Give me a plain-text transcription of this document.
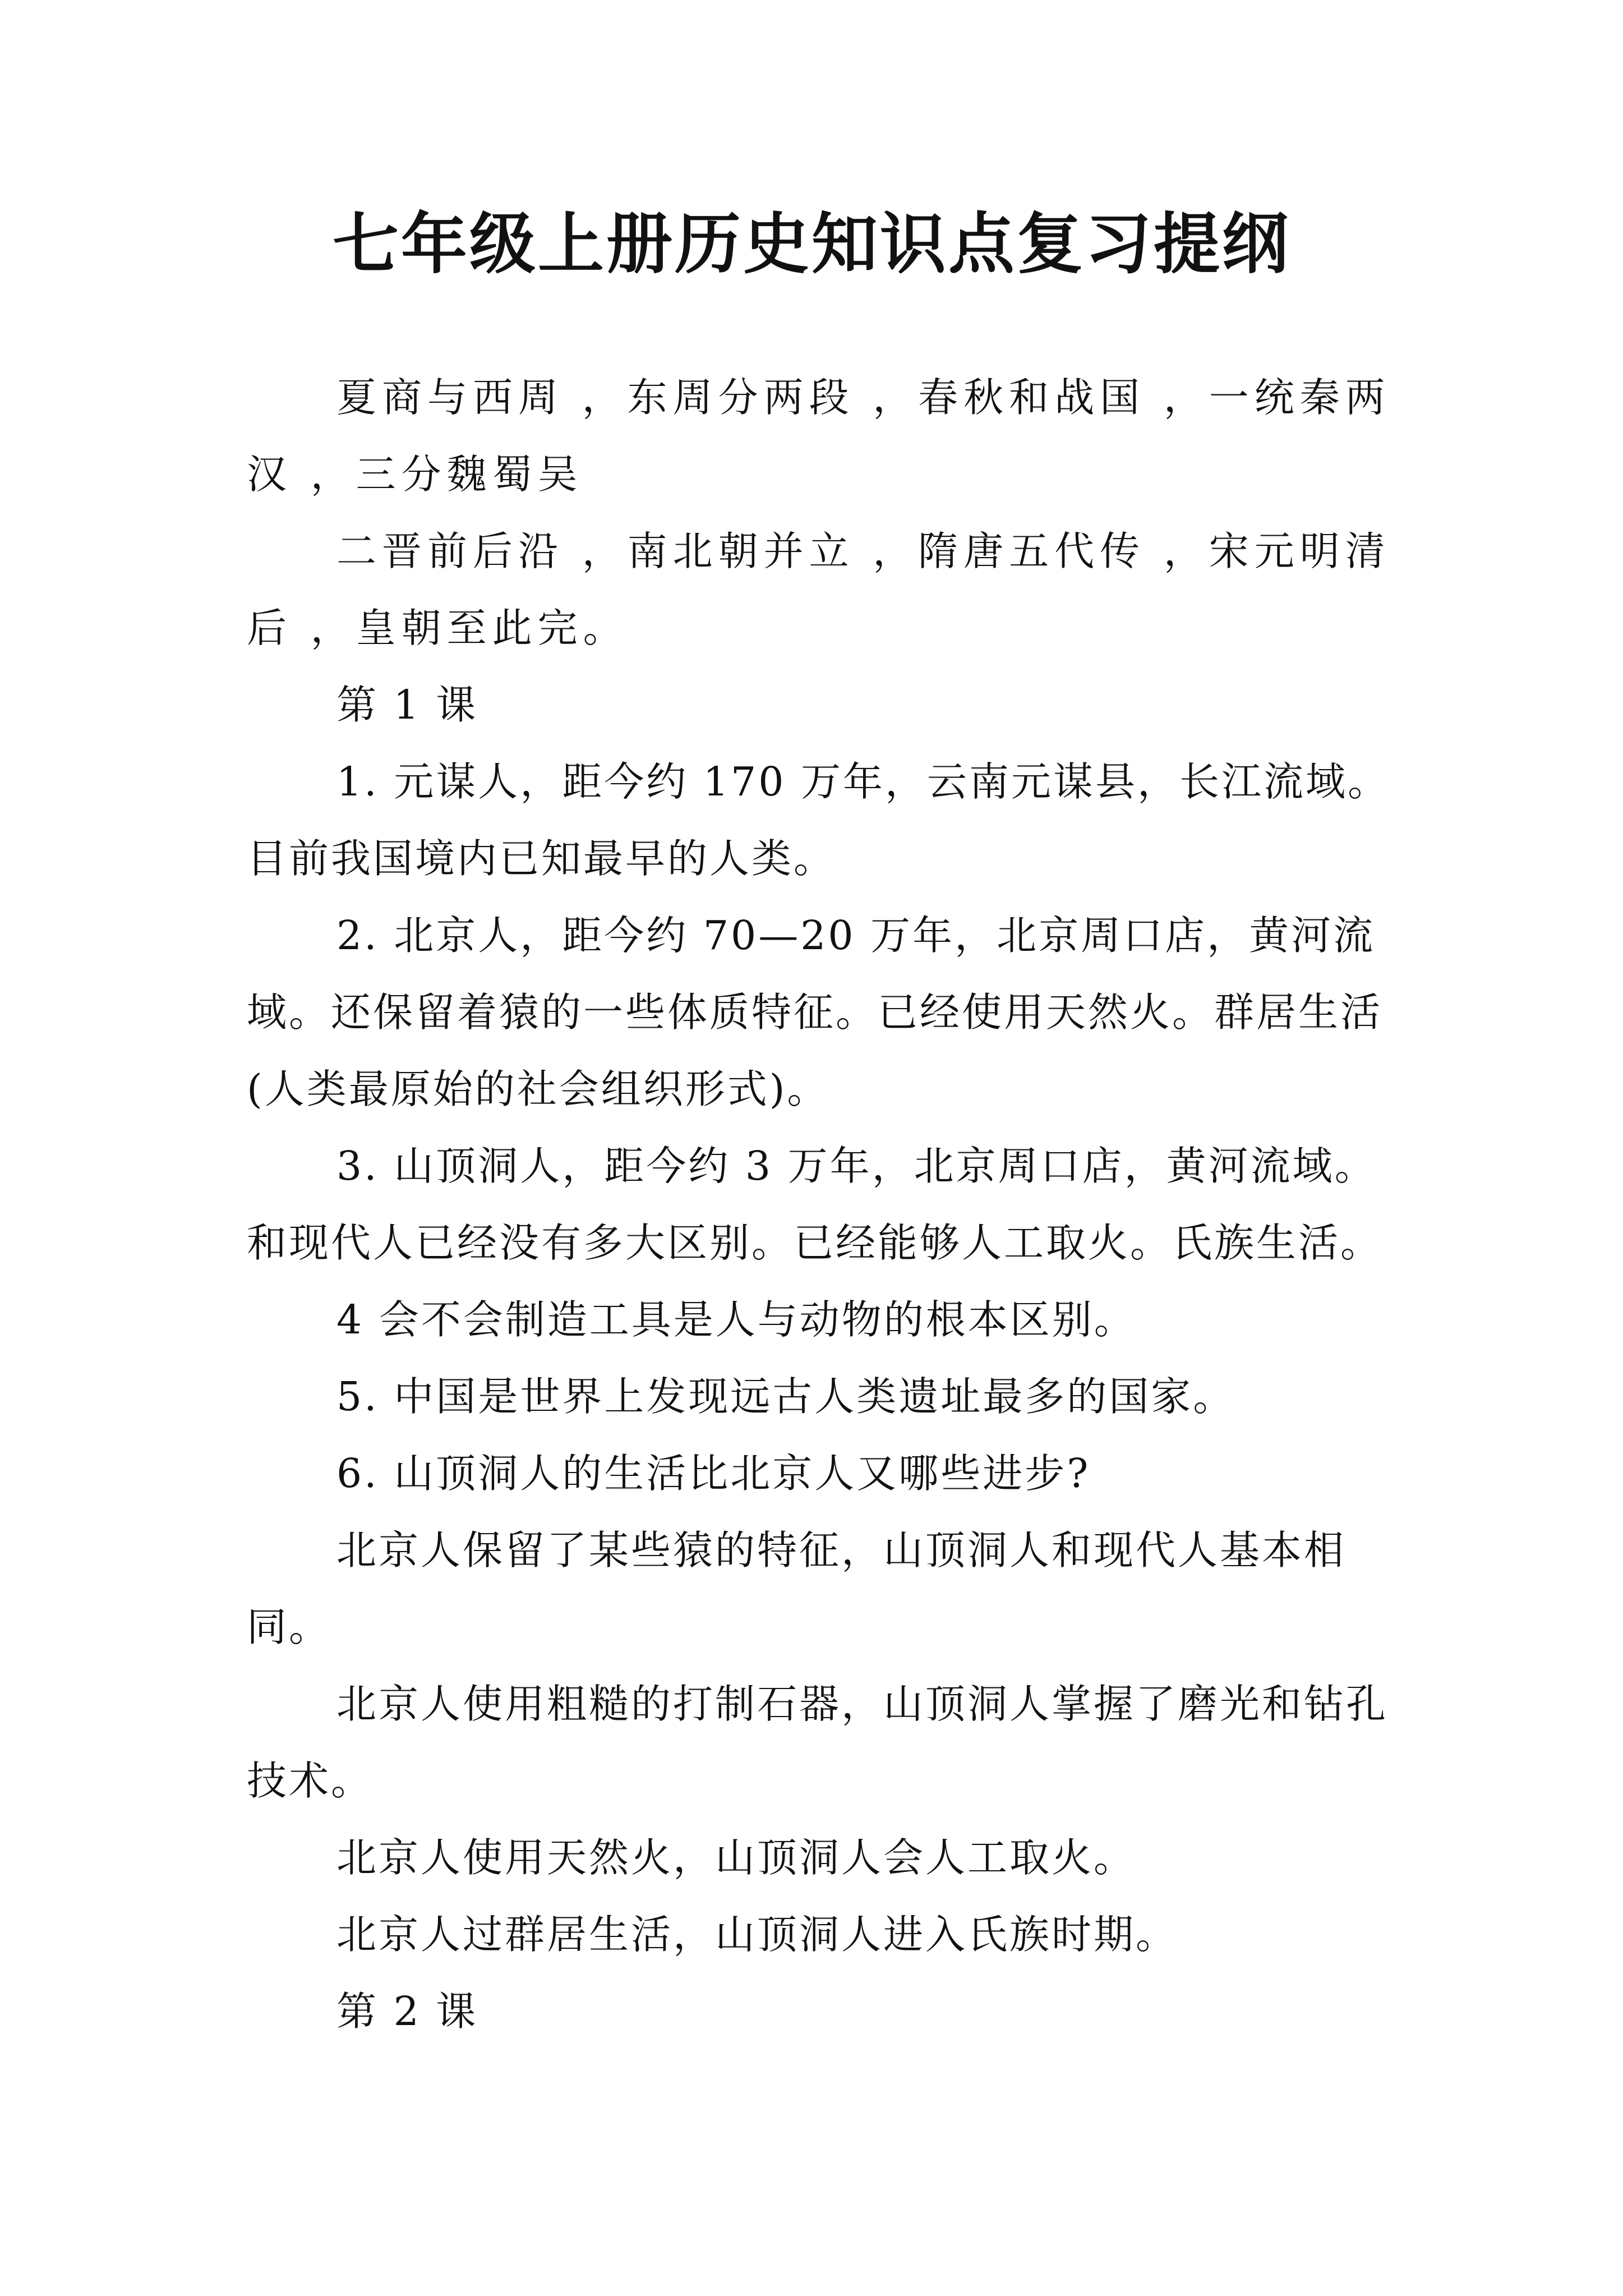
七年级上册历史知识点复习提纲

夏商与西周 ，东周分两段 ，春秋和战国 ，一统秦两汉 ，三分魏蜀吴

二晋前后沿 ，南北朝并立 ，隋唐五代传 ，宋元明清后 ，皇朝至此完。

第 1 课

1. 元谋人，距今约 170 万年，云南元谋县，长江流域。目前我国境内已知最早的人类。

2. 北京人，距今约 70—20 万年，北京周口店，黄河流域。还保留着猿的一些体质特征。已经使用天然火。群居生活(人类最原始的社会组织形式)。

3. 山顶洞人，距今约 3 万年，北京周口店，黄河流域。和现代人已经没有多大区别。已经能够人工取火。氏族生活。

4 会不会制造工具是人与动物的根本区别。

5. 中国是世界上发现远古人类遗址最多的国家。

6. 山顶洞人的生活比北京人又哪些进步?

北京人保留了某些猿的特征，山顶洞人和现代人基本相同。

北京人使用粗糙的打制石器，山顶洞人掌握了磨光和钻孔技术。

北京人使用天然火，山顶洞人会人工取火。

北京人过群居生活，山顶洞人进入氏族时期。

第 2 课
